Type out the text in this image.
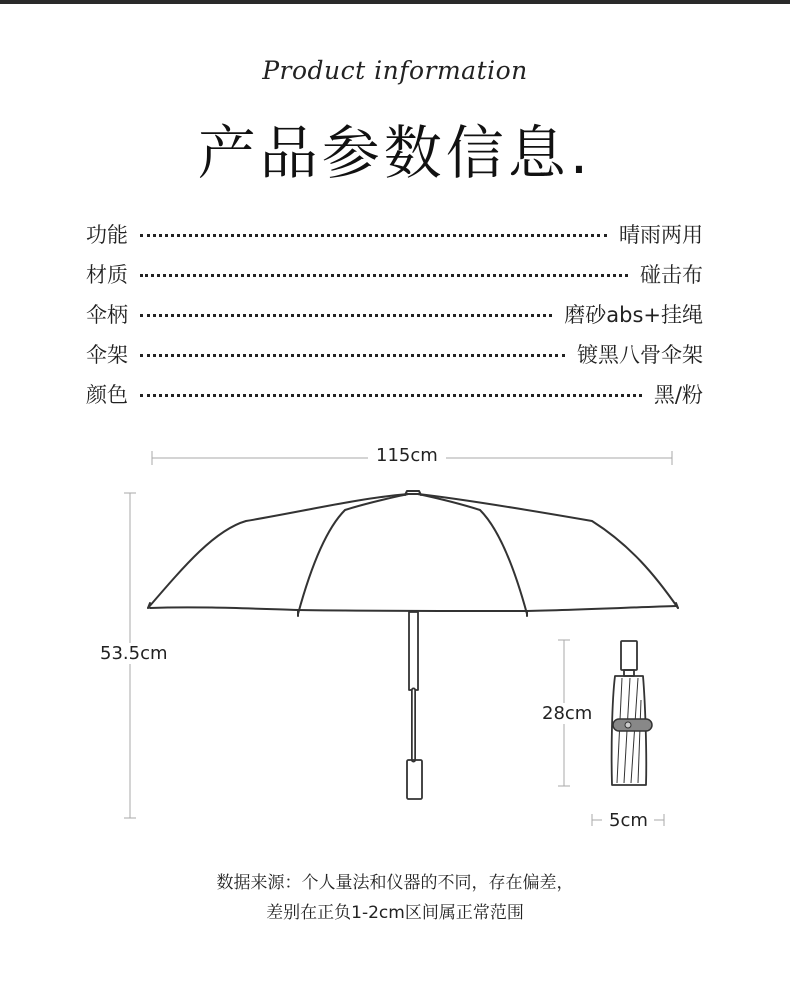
Product information
产品参数信息.
功能	晴雨两用
材质	碰击布
伞柄	磨砂abs+挂绳
伞架	镀黑八骨伞架
颜色	黑/粉
115cm
53.5cm
28cm
5cm
数据来源：个人量法和仪器的不同，存在偏差，
差别在正负1-2cm区间属正常范围
